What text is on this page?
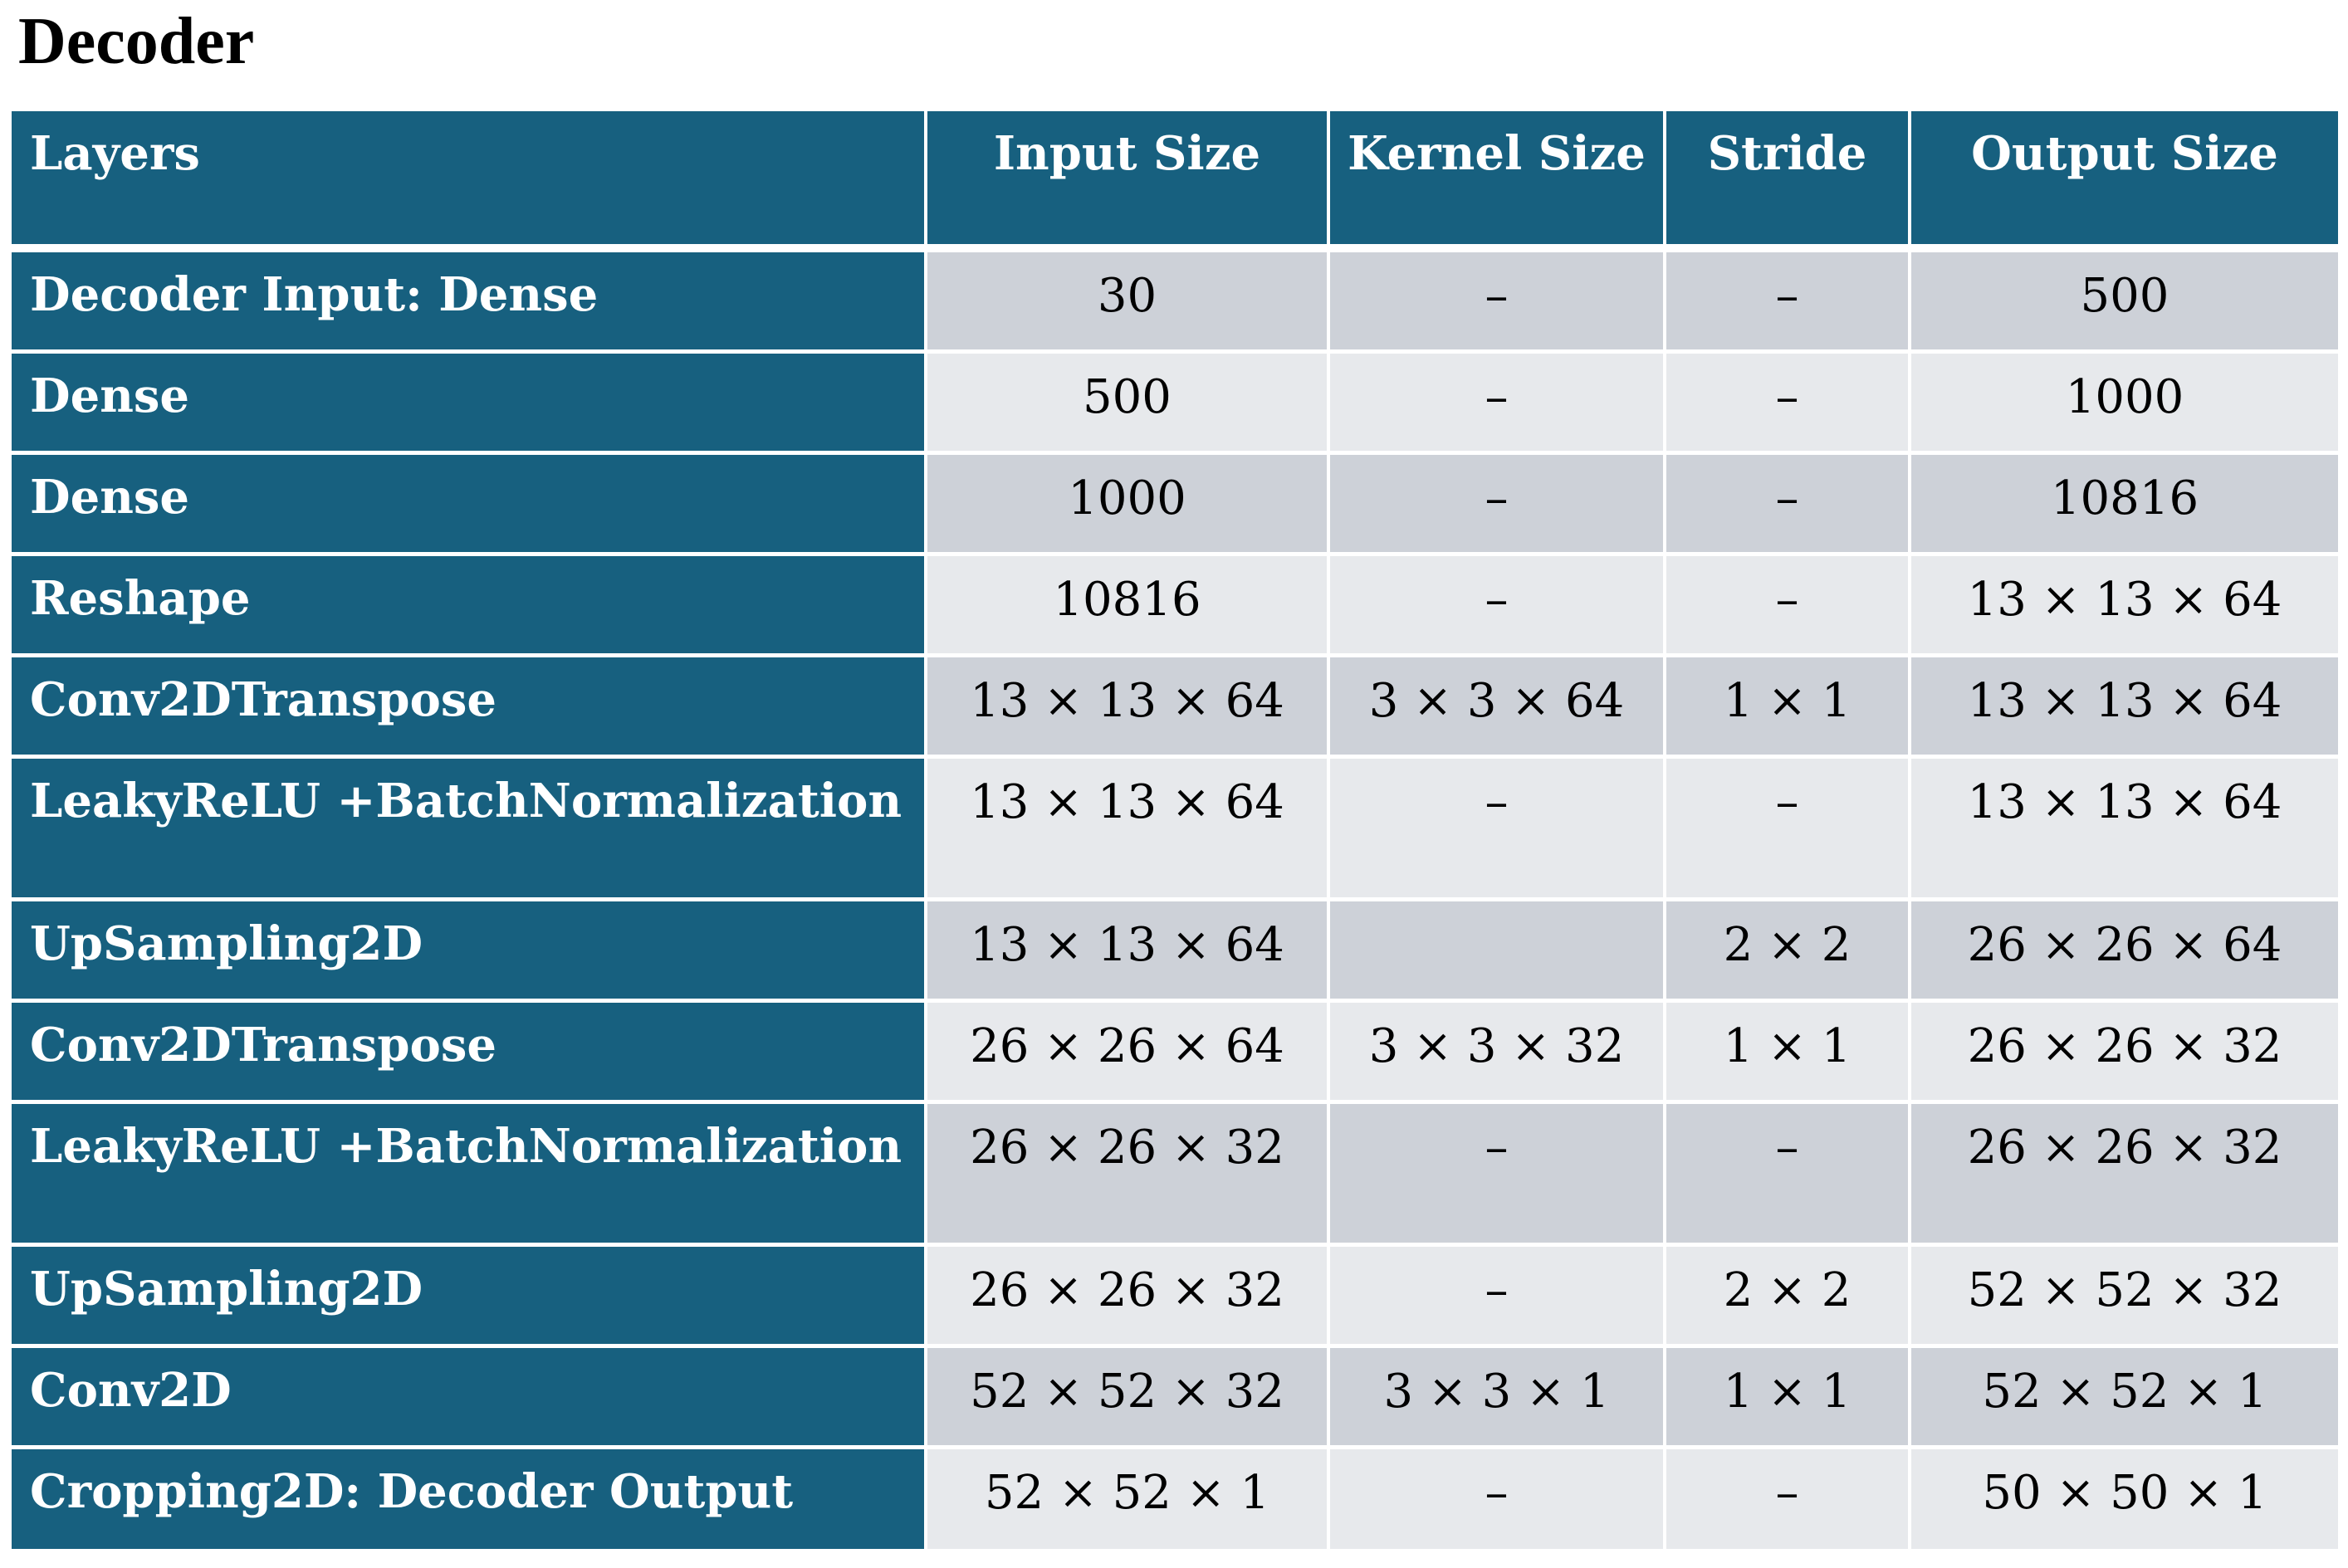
Decoder
Layers	Input Size	Kernel Size	Stride	Output Size
Decoder Input: Dense	30	–	–	500
Dense	500	–	–	1000
Dense	1000	–	–	10816
Reshape	10816	–	–	13 × 13 × 64
Conv2DTranspose	13 × 13 × 64	3 × 3 × 64	1 × 1	13 × 13 × 64
LeakyReLU +BatchNormalization	13 × 13 × 64	–	–	13 × 13 × 64
UpSampling2D	13 × 13 × 64		2 × 2	26 × 26 × 64
Conv2DTranspose	26 × 26 × 64	3 × 3 × 32	1 × 1	26 × 26 × 32
LeakyReLU +BatchNormalization	26 × 26 × 32	–	–	26 × 26 × 32
UpSampling2D	26 × 26 × 32	–	2 × 2	52 × 52 × 32
Conv2D	52 × 52 × 32	3 × 3 × 1	1 × 1	52 × 52 × 1
Cropping2D: Decoder Output	52 × 52 × 1	–	–	50 × 50 × 1
